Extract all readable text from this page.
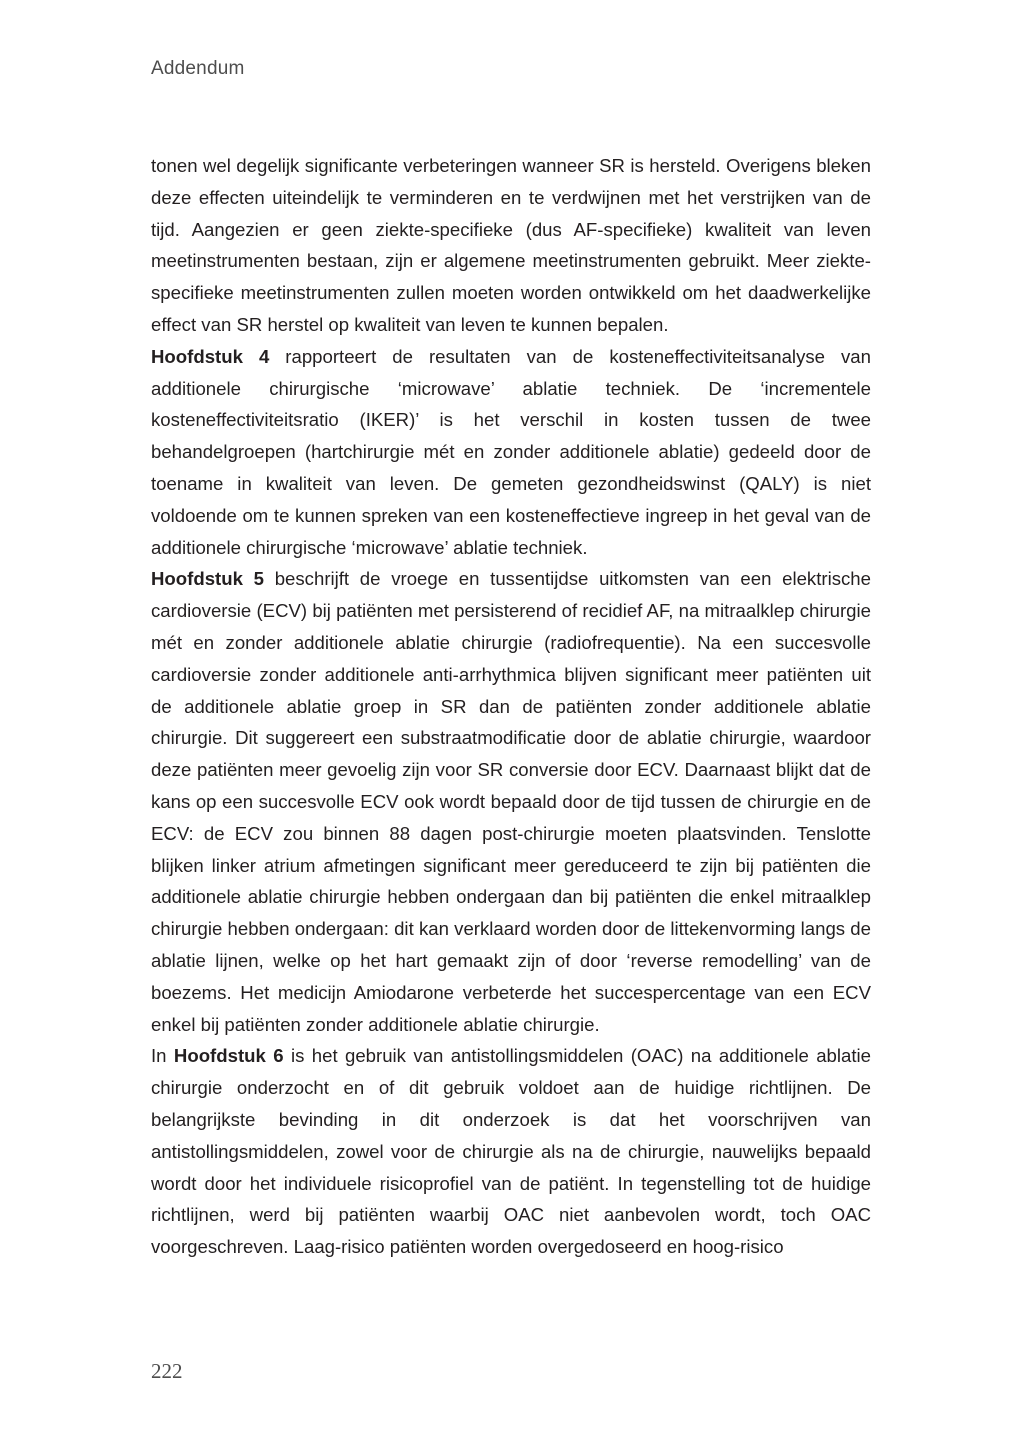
Addendum

tonen wel degelijk significante verbeteringen wanneer SR is hersteld. Overigens bleken deze effecten uiteindelijk te verminderen en te verdwijnen met het verstrijken van de tijd. Aangezien er geen ziekte-specifieke (dus AF-specifieke) kwaliteit van leven meetinstrumenten bestaan, zijn er algemene meetinstrumenten gebruikt. Meer ziekte-specifieke meetinstrumenten zullen moeten worden ontwikkeld om het daadwerkelijke effect van SR herstel op kwaliteit van leven te kunnen bepalen.

Hoofdstuk 4 rapporteert de resultaten van de kosteneffectiviteitsanalyse van additionele chirurgische ‘microwave’ ablatie techniek. De ‘incrementele kosteneffectiviteitsratio (IKER)’ is het verschil in kosten tussen de twee behandelgroepen (hartchirurgie mét en zonder additionele ablatie) gedeeld door de toename in kwaliteit van leven. De gemeten gezondheidswinst (QALY) is niet voldoende om te kunnen spreken van een kosteneffectieve ingreep in het geval van de additionele chirurgische ‘microwave’ ablatie techniek.

Hoofdstuk 5 beschrijft de vroege en tussentijdse uitkomsten van een elektrische cardioversie (ECV) bij patiënten met persisterend of recidief AF, na mitraalklep chirurgie mét en zonder additionele ablatie chirurgie (radiofrequentie). Na een succesvolle cardioversie zonder additionele anti-arrhythmica blijven significant meer patiënten uit de additionele ablatie groep in SR dan de patiënten zonder additionele ablatie chirurgie. Dit suggereert een substraatmodificatie door de ablatie chirurgie, waardoor deze patiënten meer gevoelig zijn voor SR conversie door ECV. Daarnaast blijkt dat de kans op een succesvolle ECV ook wordt bepaald door de tijd tussen de chirurgie en de ECV: de ECV zou binnen 88 dagen post-chirurgie moeten plaatsvinden. Tenslotte blijken linker atrium afmetingen significant meer gereduceerd te zijn bij patiënten die additionele ablatie chirurgie hebben ondergaan dan bij patiënten die enkel mitraalklep chirurgie hebben ondergaan: dit kan verklaard worden door de littekenvorming langs de ablatie lijnen, welke op het hart gemaakt zijn of door ‘reverse remodelling’ van de boezems. Het medicijn Amiodarone verbeterde het succespercentage van een ECV enkel bij patiënten zonder additionele ablatie chirurgie.

In Hoofdstuk 6 is het gebruik van antistollingsmiddelen (OAC) na additionele ablatie chirurgie onderzocht en of dit gebruik voldoet aan de huidige richtlijnen. De belangrijkste bevinding in dit onderzoek is dat het voorschrijven van antistollingsmiddelen, zowel voor de chirurgie als na de chirurgie, nauwelijks bepaald wordt door het individuele risicoprofiel van de patiënt. In tegenstelling tot de huidige richtlijnen, werd bij patiënten waarbij OAC niet aanbevolen wordt, toch OAC voorgeschreven. Laag-risico patiënten worden overgedoseerd en hoog-risico

222
